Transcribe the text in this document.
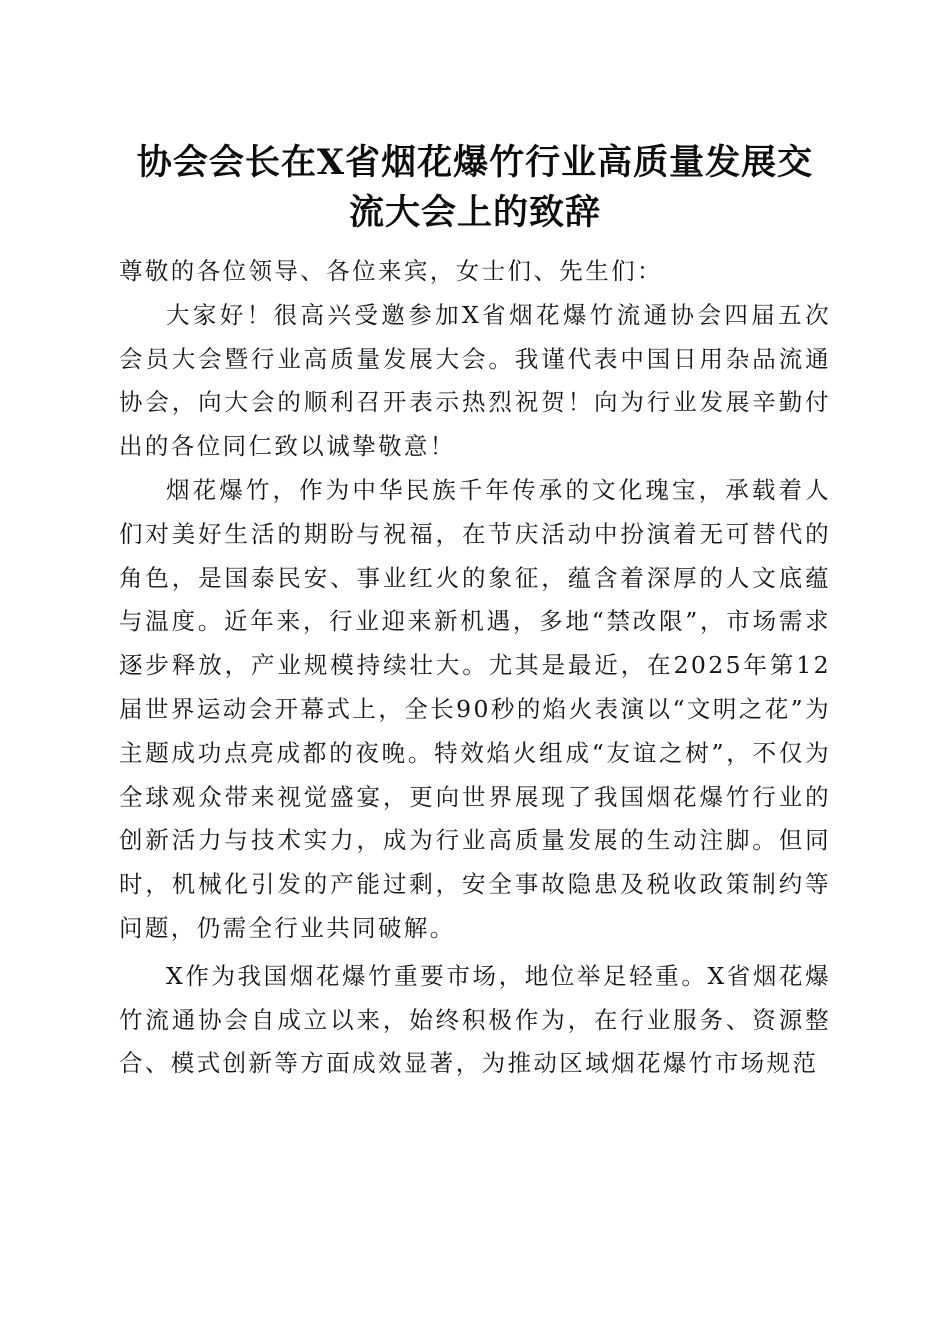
协会会长在X省烟花爆竹行业高质量发展交
流大会上的致辞

尊敬的各位领导、各位来宾，女士们、先生们：

大家好！很高兴受邀参加X省烟花爆竹流通协会四届五次会员大会暨行业高质量发展大会。我谨代表中国日用杂品流通协会，向大会的顺利召开表示热烈祝贺！向为行业发展辛勤付出的各位同仁致以诚挚敬意！

烟花爆竹，作为中华民族千年传承的文化瑰宝，承载着人们对美好生活的期盼与祝福，在节庆活动中扮演着无可替代的角色，是国泰民安、事业红火的象征，蕴含着深厚的人文底蕴与温度。近年来，行业迎来新机遇，多地“禁改限”，市场需求逐步释放，产业规模持续壮大。尤其是最近，在2025年第12届世界运动会开幕式上，全长90秒的焰火表演以“文明之花”为主题成功点亮成都的夜晚。特效焰火组成“友谊之树”，不仅为全球观众带来视觉盛宴，更向世界展现了我国烟花爆竹行业的创新活力与技术实力，成为行业高质量发展的生动注脚。但同时，机械化引发的产能过剩，安全事故隐患及税收政策制约等问题，仍需全行业共同破解。

X作为我国烟花爆竹重要市场，地位举足轻重。X省烟花爆竹流通协会自成立以来，始终积极作为，在行业服务、资源整合、模式创新等方面成效显著，为推动区域烟花爆竹市场规范
